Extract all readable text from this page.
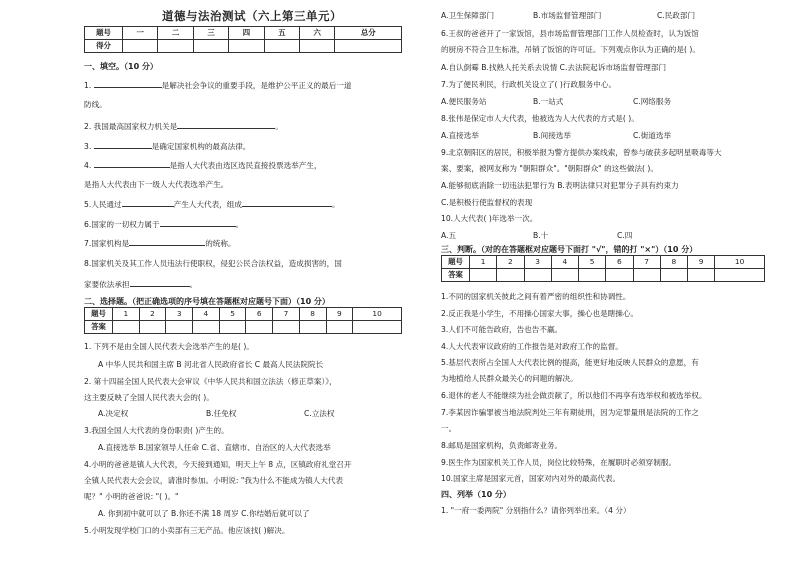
道德与法治测试（六上第三单元）
题号	一	二	三	四	五	六	总分
得分							
一、填空。（10 分）
1.	是解决社会争议的重要手段，是维护公平正义的最后一道
防线。
2. 我国最高国家权力机关是	。
3.	是确定国家机构的最高法律。
4.	是指人大代表由选区选民直接投票选举产生，
是指人大代表由下一级人大代表选举产生。
5.人民通过	产生人大代表，组成	。
6.国家的一切权力属于	。
7.国家机构是	的统称。
8.国家机关及其工作人员违法行使职权，侵犯公民合法权益，造成损害的，国
家要依法承担	。
二、选择题。（把正确选项的序号填在答题框对应题号下面）（10 分）
题号	1	2	3	4	5	6	7	8	9	10
答案										
1. 下列不是由全国人民代表大会选举产生的是( )。
A 中华人民共和国主席 B 河北省人民政府省长 C 最高人民法院院长
2. 第十四届全国人民代表大会审议《中华人民共和国立法法（修正草案）》，
这主要反映了全国人民代表大会的( )。
A.决定权	B.任免权	C.立法权
3.我国全国人大代表的身份职责( )产生的。
A.直接选举 B.国家领导人任命 C.省、直辖市、自治区的人大代表选举
4.小明的爸爸是镇人大代表，今天接到通知，明天上午 8 点，区镇政府礼堂召开
全镇人民代表大会会议，请准时参加。小明说: "我为什么不能成为镇人大代表
呢？" 小明的爸爸说: "( )。"
A. 你到初中就可以了 B.你还不满 18 周岁 C.你结婚后就可以了
5.小明发现学校门口的小卖部有三无产品。他应该找( )解决。
A.卫生保障部门	B.市场监督管理部门	C.民政部门
6.王叔的爸爸开了一家饭馆，县市场监督管理部门工作人员检查时，认为饭馆
的厨房不符合卫生标准，吊销了饭馆的许可证。下列观点你认为正确的是( )。
A.自认倒霉 B.找熟人托关系去说情 C.去法院起诉市场监督管理部门
7.为了便民利民，行政机关设立了( )行政服务中心。
A.便民服务站	B.一站式	C.网络服务
8.张伟是保定市人大代表，他被选为人大代表的方式是( )。
A.直接选举	B.间接选举	C.街道选举
9.北京朝阳区的居民，积极举报为警方提供办案线索，曾参与破获多起明星吸毒等大
案、要案，被网友称为 "朝阳群众"。"朝阳群众" 的这些做法( )。
A.能够彻底消除一切违法犯罪行为 B.表明法律只对犯罪分子具有约束力
C.是积极行使监督权的表现
10.人大代表( )年选举一次。
A.五	B.十	C.四
三、判断。（对的在答题框对应题号下面打 "√"，错的打 "×"）（10 分）
题号	1	2	3	4	5	6	7	8	9	10
答案										
1.不同的国家机关彼此之间有着严密的组织性和协调性。
2.反正我是小学生，不用操心国家大事，操心也是瞎操心。
3.人们不可能告政府，告也告不赢。
4.人大代表审议政府的工作报告是对政府工作的监督。
5.基层代表所占全国人大代表比例的提高，能更好地反映人民群众的意愿，有
为地植给人民群众最关心的问题的解决。
6.退休的老人不能继续为社会做贡献了，所以他们不再享有选举权和被选举权。
7.李某因诈骗罪被当地法院判处三年有期徒刑，因为定罪量刑是法院的工作之
一。
8.邮局是国家机构，负责邮寄业务。
9.医生作为国家机关工作人员，岗位比较特殊，在履职时必须穿制服。
10.国家主席是国家元首，国家对内对外的最高代表。
四、列举（10 分）
1. "一府一委两院" 分别指什么？请你列举出来。（4 分）
